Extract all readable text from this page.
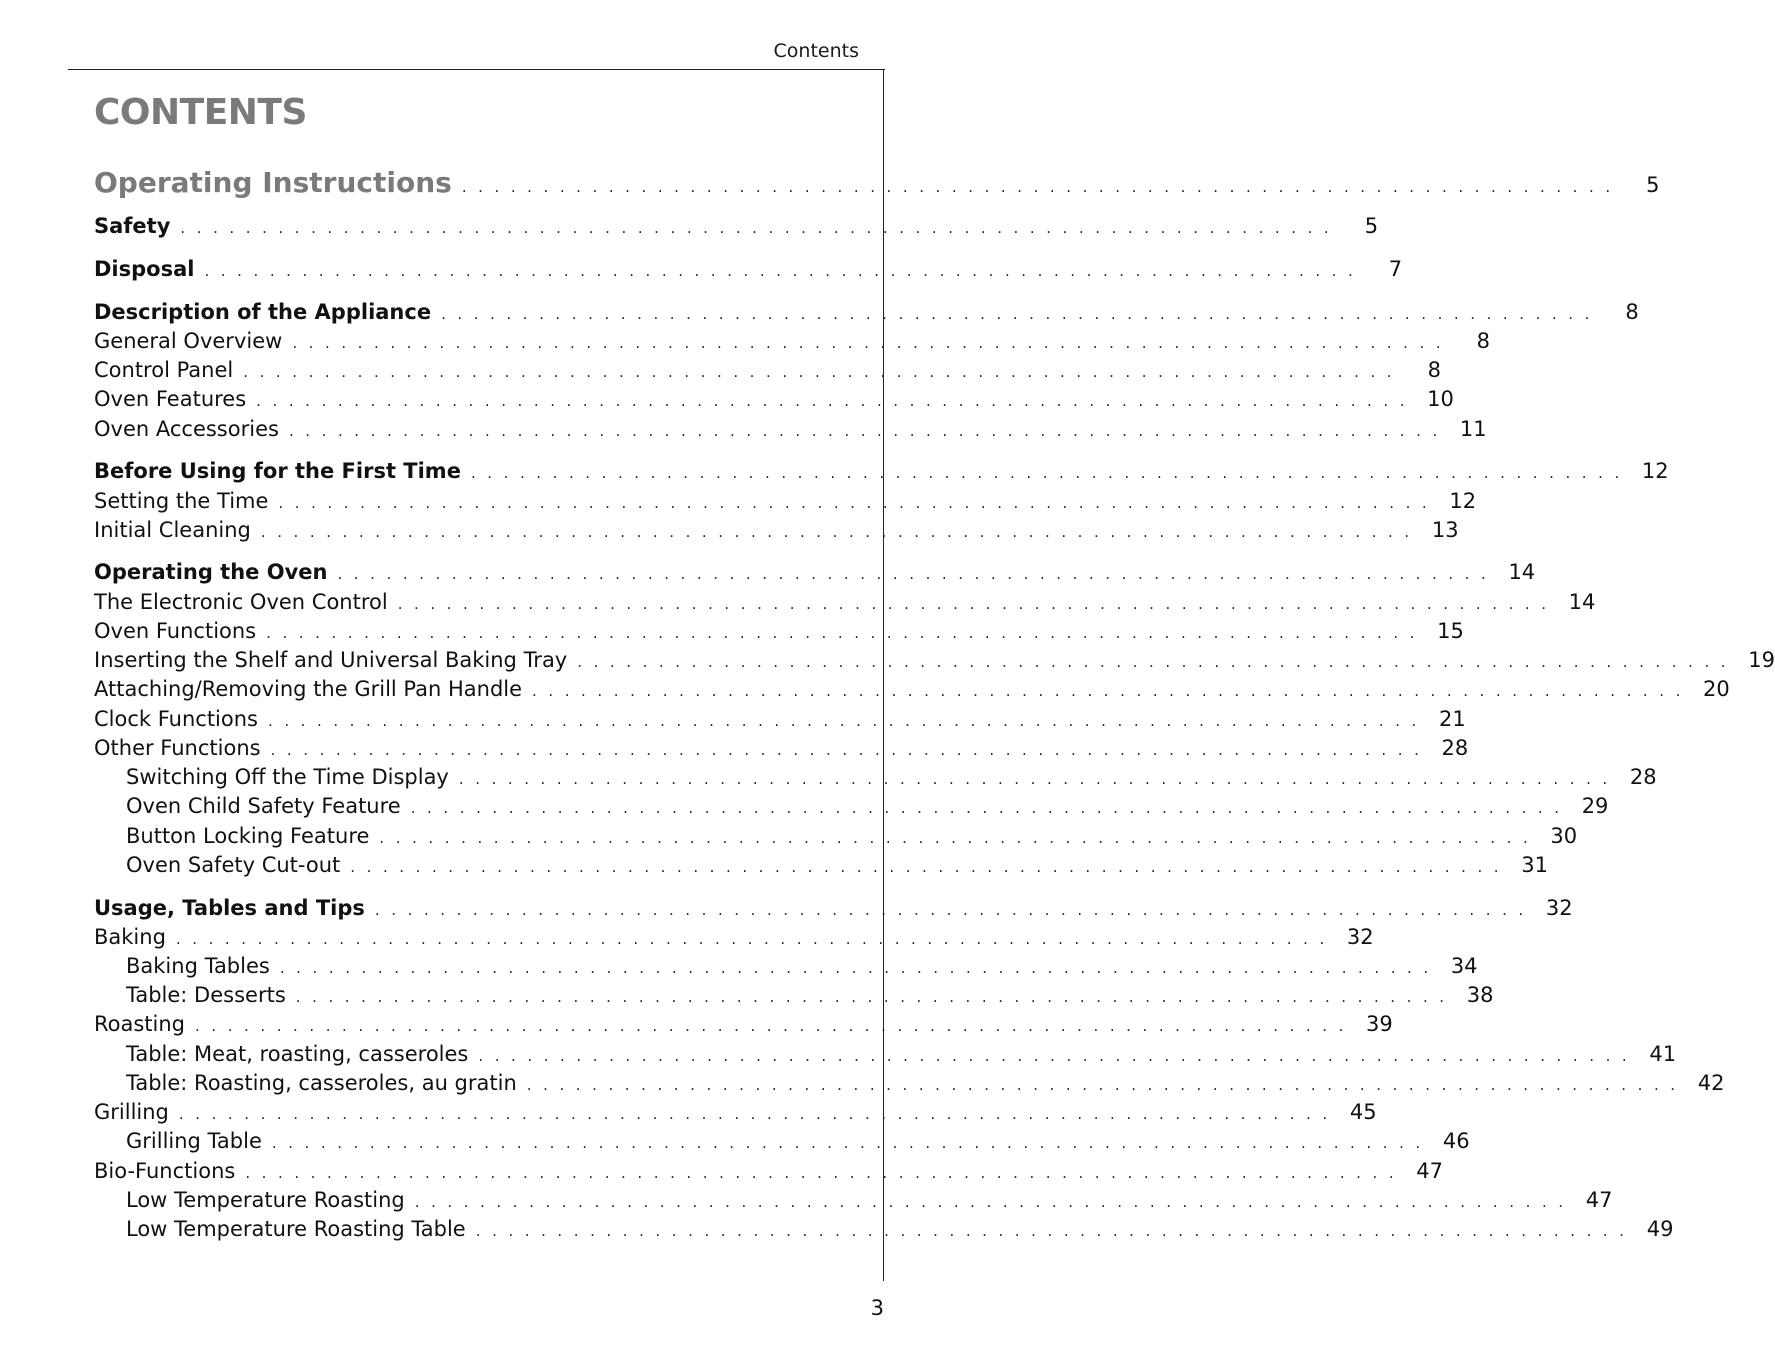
Contents
CONTENTS
Operating Instructions . . . . . . . . . . . . . . . . . . . . . . . . . . . . . . . . . . . . . . . . . . . . . . . . . . . . . . . . . . . . . . . . . . . . . . .	5
Safety . . . . . . . . . . . . . . . . . . . . . . . . . . . . . . . . . . . . . . . . . . . . . . . . . . . . . . . . . . . . . . . . . . . . . . .	5
Disposal . . . . . . . . . . . . . . . . . . . . . . . . . . . . . . . . . . . . . . . . . . . . . . . . . . . . . . . . . . . . . . . . . . . . . . .	7
Description of the Appliance . . . . . . . . . . . . . . . . . . . . . . . . . . . . . . . . . . . . . . . . . . . . . . . . . . . . . . . . . . . . . . . . . . . . . . .	8
General Overview . . . . . . . . . . . . . . . . . . . . . . . . . . . . . . . . . . . . . . . . . . . . . . . . . . . . . . . . . . . . . . . . . . . . . . .	8
Control Panel . . . . . . . . . . . . . . . . . . . . . . . . . . . . . . . . . . . . . . . . . . . . . . . . . . . . . . . . . . . . . . . . . . . . . . .	8
Oven Features . . . . . . . . . . . . . . . . . . . . . . . . . . . . . . . . . . . . . . . . . . . . . . . . . . . . . . . . . . . . . . . . . . . . . . . 10
Oven Accessories . . . . . . . . . . . . . . . . . . . . . . . . . . . . . . . . . . . . . . . . . . . . . . . . . . . . . . . . . . . . . . . . . . . . . . . 11
Before Using for the First Time . . . . . . . . . . . . . . . . . . . . . . . . . . . . . . . . . . . . . . . . . . . . . . . . . . . . . . . . . . . . . . . . . . . . . . . 12
Setting the Time . . . . . . . . . . . . . . . . . . . . . . . . . . . . . . . . . . . . . . . . . . . . . . . . . . . . . . . . . . . . . . . . . . . . . . . 12
Initial Cleaning . . . . . . . . . . . . . . . . . . . . . . . . . . . . . . . . . . . . . . . . . . . . . . . . . . . . . . . . . . . . . . . . . . . . . . . 13
Operating the Oven . . . . . . . . . . . . . . . . . . . . . . . . . . . . . . . . . . . . . . . . . . . . . . . . . . . . . . . . . . . . . . . . . . . . . . . 14
The Electronic Oven Control . . . . . . . . . . . . . . . . . . . . . . . . . . . . . . . . . . . . . . . . . . . . . . . . . . . . . . . . . . . . . . . . . . . . . . . 14
Oven Functions . . . . . . . . . . . . . . . . . . . . . . . . . . . . . . . . . . . . . . . . . . . . . . . . . . . . . . . . . . . . . . . . . . . . . . . 15
Inserting the Shelf and Universal Baking Tray . . . . . . . . . . . . . . . . . . . . . . . . . . . . . . . . . . . . . . . . . . . . . . . . . . . . . . . . . . . . . . . . . . . . . . . 19
Attaching/Removing the Grill Pan Handle . . . . . . . . . . . . . . . . . . . . . . . . . . . . . . . . . . . . . . . . . . . . . . . . . . . . . . . . . . . . . . . . . . . . . . . 20
Clock Functions . . . . . . . . . . . . . . . . . . . . . . . . . . . . . . . . . . . . . . . . . . . . . . . . . . . . . . . . . . . . . . . . . . . . . . . 21
Other Functions . . . . . . . . . . . . . . . . . . . . . . . . . . . . . . . . . . . . . . . . . . . . . . . . . . . . . . . . . . . . . . . . . . . . . . . 28
Switching Off the Time Display . . . . . . . . . . . . . . . . . . . . . . . . . . . . . . . . . . . . . . . . . . . . . . . . . . . . . . . . . . . . . . . . . . . . . . . 28
Oven Child Safety Feature . . . . . . . . . . . . . . . . . . . . . . . . . . . . . . . . . . . . . . . . . . . . . . . . . . . . . . . . . . . . . . . . . . . . . . . 29
Button Locking Feature . . . . . . . . . . . . . . . . . . . . . . . . . . . . . . . . . . . . . . . . . . . . . . . . . . . . . . . . . . . . . . . . . . . . . . . 30
Oven Safety Cut-out . . . . . . . . . . . . . . . . . . . . . . . . . . . . . . . . . . . . . . . . . . . . . . . . . . . . . . . . . . . . . . . . . . . . . . . 31
Usage, Tables and Tips . . . . . . . . . . . . . . . . . . . . . . . . . . . . . . . . . . . . . . . . . . . . . . . . . . . . . . . . . . . . . . . . . . . . . . . 32
Baking . . . . . . . . . . . . . . . . . . . . . . . . . . . . . . . . . . . . . . . . . . . . . . . . . . . . . . . . . . . . . . . . . . . . . . . 32
Baking Tables . . . . . . . . . . . . . . . . . . . . . . . . . . . . . . . . . . . . . . . . . . . . . . . . . . . . . . . . . . . . . . . . . . . . . . . 34
Table: Desserts . . . . . . . . . . . . . . . . . . . . . . . . . . . . . . . . . . . . . . . . . . . . . . . . . . . . . . . . . . . . . . . . . . . . . . . 38
Roasting . . . . . . . . . . . . . . . . . . . . . . . . . . . . . . . . . . . . . . . . . . . . . . . . . . . . . . . . . . . . . . . . . . . . . . . 39
Table: Meat, roasting, casseroles . . . . . . . . . . . . . . . . . . . . . . . . . . . . . . . . . . . . . . . . . . . . . . . . . . . . . . . . . . . . . . . . . . . . . . . 41
Table: Roasting, casseroles, au gratin . . . . . . . . . . . . . . . . . . . . . . . . . . . . . . . . . . . . . . . . . . . . . . . . . . . . . . . . . . . . . . . . . . . . . . . 42
Grilling . . . . . . . . . . . . . . . . . . . . . . . . . . . . . . . . . . . . . . . . . . . . . . . . . . . . . . . . . . . . . . . . . . . . . . . 45
Grilling Table . . . . . . . . . . . . . . . . . . . . . . . . . . . . . . . . . . . . . . . . . . . . . . . . . . . . . . . . . . . . . . . . . . . . . . . 46
Bio-Functions . . . . . . . . . . . . . . . . . . . . . . . . . . . . . . . . . . . . . . . . . . . . . . . . . . . . . . . . . . . . . . . . . . . . . . . 47
Low Temperature Roasting . . . . . . . . . . . . . . . . . . . . . . . . . . . . . . . . . . . . . . . . . . . . . . . . . . . . . . . . . . . . . . . . . . . . . . . 47
Low Temperature Roasting Table . . . . . . . . . . . . . . . . . . . . . . . . . . . . . . . . . . . . . . . . . . . . . . . . . . . . . . . . . . . . . . . . . . . . . . . 49
3
